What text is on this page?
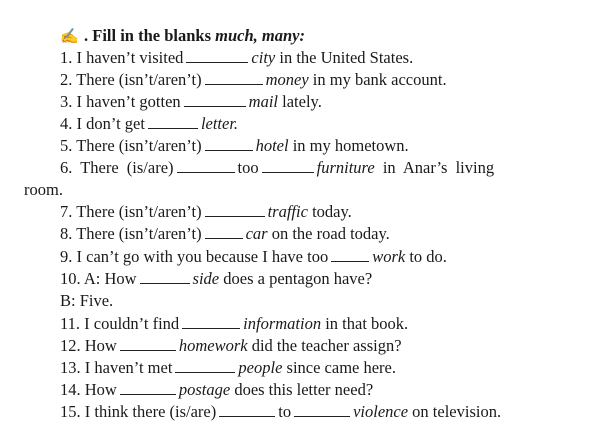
✍ . Fill in the blanks much, many:
1. I haven’t visited	city in the United States.
2. There (isn’t/aren’t)	money in my bank account.
3. I haven’t gotten	mail lately.
4. I don’t get	letter.
5. There (isn’t/aren’t)	hotel in my hometown.
6. There (is/are)	too	furniture in Anar’s living
room.
7. There (isn’t/aren’t)	traffic today.
8. There (isn’t/aren’t)	car on the road today.
9. I can’t go with you because I have too	work to do.
10. A: How	side does a pentagon have?
B: Five.
11. I couldn’t find	information in that book.
12. How	homework did the teacher assign?
13. I haven’t met	people since came here.
14. How	postage does this letter need?
15. I think there (is/are)	to	violence on television.
